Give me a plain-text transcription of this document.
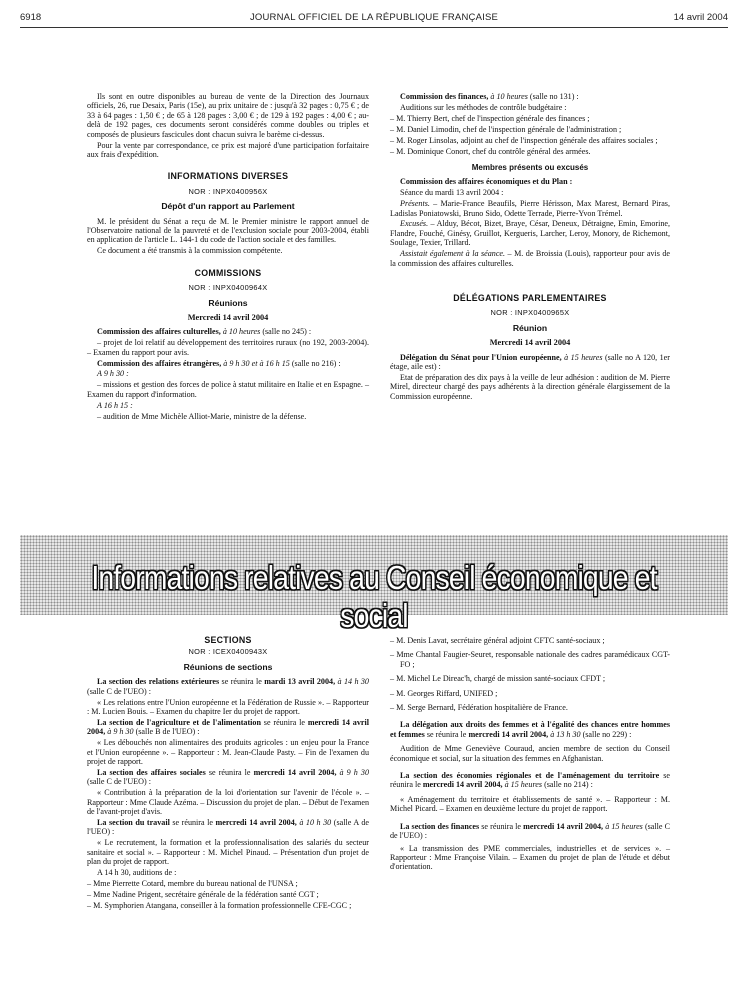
6918	JOURNAL OFFICIEL DE LA RÉPUBLIQUE FRANÇAISE	14 avril 2004

Ils sont en outre disponibles au bureau de vente de la Direction des Journaux officiels, 26, rue Desaix, Paris (15e), au prix unitaire de : jusqu'à 32 pages : 0,75 € ; de 33 à 64 pages : 1,50 € ; de 65 à 128 pages : 3,00 € ; de 129 à 192 pages : 4,00 € ; au-delà de 192 pages, ces documents seront considérés comme doubles ou triples et composés de plusieurs fascicules dont chacun suivra le barème ci-dessus.

Pour la vente par correspondance, ce prix est majoré d'une participation forfaitaire aux frais d'expédition.

INFORMATIONS DIVERSES

NOR : INPX0400956X

Dépôt d'un rapport au Parlement

M. le président du Sénat a reçu de M. le Premier ministre le rapport annuel de l'Observatoire national de la pauvreté et de l'exclusion sociale pour 2003-2004, établi en application de l'article L. 144-1 du code de l'action sociale et des familles.

Ce document a été transmis à la commission compétente.

COMMISSIONS

NOR : INPX0400964X

Réunions

Mercredi 14 avril 2004

Commission des affaires culturelles, à 10 heures (salle no 245) :

– projet de loi relatif au développement des territoires ruraux (no 192, 2003-2004). – Examen du rapport pour avis.

Commission des affaires étrangères, à 9 h 30 et à 16 h 15 (salle no 216) :

A 9 h 30 :

– missions et gestion des forces de police à statut militaire en Italie et en Espagne. – Examen du rapport d'information.

A 16 h 15 :

– audition de Mme Michèle Alliot-Marie, ministre de la défense.

Commission des finances, à 10 heures (salle no 131) :

Auditions sur les méthodes de contrôle budgétaire :

– M. Thierry Bert, chef de l'inspection générale des finances ;

– M. Daniel Limodin, chef de l'inspection générale de l'administration ;

– M. Roger Linsolas, adjoint au chef de l'inspection générale des affaires sociales ;

– M. Dominique Conort, chef du contrôle général des armées.

Membres présents ou excusés

Commission des affaires économiques et du Plan :

Séance du mardi 13 avril 2004 :

Présents. – Marie-France Beaufils, Pierre Hérisson, Max Marest, Bernard Piras, Ladislas Poniatowski, Bruno Sido, Odette Terrade, Pierre-Yvon Trémel.

Excusés. – Alduy, Bécot, Bizet, Braye, César, Deneux, Détraigne, Emin, Emorine, Flandre, Fouché, Ginésy, Gruillot, Kergueris, Larcher, Leroy, Monory, de Richemont, Soulage, Texier, Trillard.

Assistait également à la séance. – M. de Broissia (Louis), rapporteur pour avis de la commission des affaires culturelles.

DÉLÉGATIONS PARLEMENTAIRES

NOR : INPX0400965X

Réunion

Mercredi 14 avril 2004

Délégation du Sénat pour l'Union européenne, à 15 heures (salle no A 120, 1er étage, aile est) :

Etat de préparation des dix pays à la veille de leur adhésion : audition de M. Pierre Mirel, directeur chargé des pays adhérents à la direction générale élargissement de la Commission européenne.

Informations relatives au Conseil économique et social

SECTIONS

NOR : ICEX0400943X

Réunions de sections

La section des relations extérieures se réunira le mardi 13 avril 2004, à 14 h 30 (salle C de l'UEO) :

« Les relations entre l'Union européenne et la Fédération de Russie ». – Rapporteur : M. Lucien Bouis. – Examen du chapitre Ier du projet de rapport.

La section de l'agriculture et de l'alimentation se réunira le mercredi 14 avril 2004, à 9 h 30 (salle B de l'UEO) :

« Les débouchés non alimentaires des produits agricoles : un enjeu pour la France et l'Union européenne ». – Rapporteur : M. Jean-Claude Pasty. – Fin de l'examen du projet de rapport.

La section des affaires sociales se réunira le mercredi 14 avril 2004, à 9 h 30 (salle C de l'UEO) :

« Contribution à la préparation de la loi d'orientation sur l'avenir de l'école ». – Rapporteur : Mme Claude Azéma. – Discussion du projet de plan. – Début de l'examen de l'avant-projet d'avis.

La section du travail se réunira le mercredi 14 avril 2004, à 10 h 30 (salle A de l'UEO) :

« Le recrutement, la formation et la professionnalisation des salariés du secteur sanitaire et social ». – Rapporteur : M. Michel Pinaud. – Présentation d'un projet de plan du projet de rapport.

A 14 h 30, auditions de :

– Mme Pierrette Cotard, membre du bureau national de l'UNSA ;

– Mme Nadine Prigent, secrétaire générale de la fédération santé CGT ;

– M. Symphorien Atangana, conseiller à la formation professionnelle CFE-CGC ;

– M. Denis Lavat, secrétaire général adjoint CFTC santé-sociaux ;

– Mme Chantal Faugier-Seuret, responsable nationale des cadres paramédicaux CGT-FO ;

– M. Michel Le Direac'h, chargé de mission santé-sociaux CFDT ;

– M. Georges Riffard, UNIFED ;

– M. Serge Bernard, Fédération hospitalière de France.

La délégation aux droits des femmes et à l'égalité des chances entre hommes et femmes se réunira le mercredi 14 avril 2004, à 13 h 30 (salle no 229) :

Audition de Mme Geneviève Couraud, ancien membre de section du Conseil économique et social, sur la situation des femmes en Afghanistan.

La section des économies régionales et de l'aménagement du territoire se réunira le mercredi 14 avril 2004, à 15 heures (salle no 214) :

« Aménagement du territoire et établissements de santé ». – Rapporteur : M. Michel Picard. – Examen en deuxième lecture du projet de rapport.

La section des finances se réunira le mercredi 14 avril 2004, à 15 heures (salle C de l'UEO) :

« La transmission des PME commerciales, industrielles et de services ». – Rapporteur : Mme Françoise Vilain. – Examen du projet de plan de l'étude et début d'orientation.
